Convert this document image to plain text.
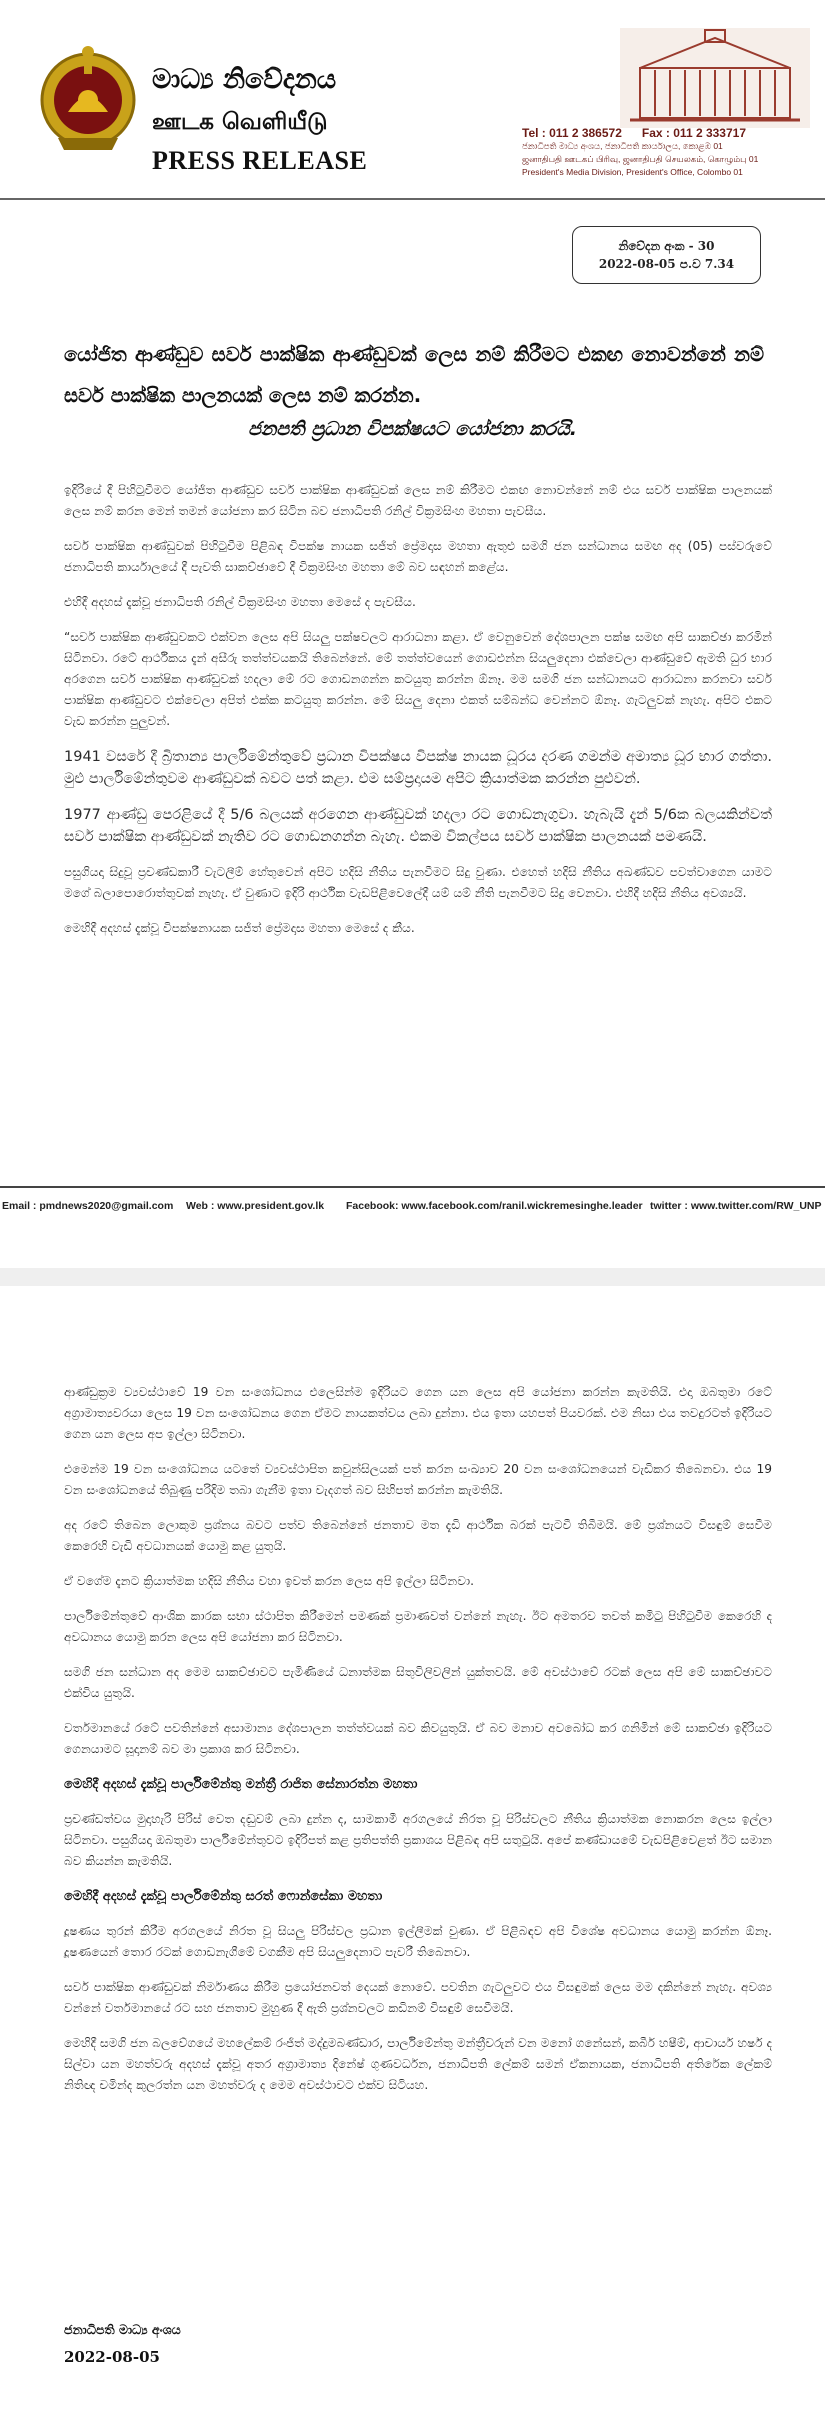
මාධ්‍ය නිවේදනය
ஊடக வெளியீடு
PRESS RELEASE
Tel : 011 2 386572 Fax : 011 2 333717
ජනාධිපති මාධ්‍ය අංශය, ජනාධිපති කාර්යාලය, කොළඹ 01
ஜனாதிபதி ஊடகப் பிரிவு, ஜனாதிபதி செயலகம், கொழும்பு 01
President's Media Division, President's Office, Colombo 01
නිවේදන අංක - 30
2022-08-05 ප.ව 7.34
යෝජිත ආණ්ඩුව සර්ව පාක්ෂික ආණ්ඩුවක් ලෙස නම් කිරීමට එකඟ නොවන්නේ නම් සර්ව පාක්ෂික පාලනයක් ලෙස නම් කරන්න.
ජනපති ප්‍රධාන විපක්ෂයට යෝජනා කරයි.

ඉදිරියේ දී පිහිටුවීමට යෝජිත ආණ්ඩුව සර්ව පාක්ෂික ආණ්ඩුවක් ලෙස නම් කිරීමට එකඟ නොවන්නේ නම් එය සර්ව පාක්ෂික පාලනයක් ලෙස නම් කරන මෙන් තමන් යෝජනා කර සිටින බව ජනාධිපති රනිල් වික්‍රමසිංහ මහතා පැවසීය.

සර්ව පාක්ෂික ආණ්ඩුවක් පිහිටුවීම පිළිබඳ විපක්ෂ නායක සජිත් ප්‍රේමදාස මහතා ඇතුළු සමගි ජන සන්ධානය සමඟ අද (05) පස්වරුවේ ජනාධිපති කාර්යාලයේ දී පැවති සාකච්ඡාවේ දී වික්‍රමසිංහ මහතා මේ බව සඳහන් කළේය.

එහිදී අදහස් දැක්වූ ජනාධිපති රනිල් වික්‍රමසිංහ මහතා මෙසේ ද පැවසීය.

“සර්ව පාක්ෂික ආණ්ඩුවකට එක්වන ලෙස අපි සියලු පක්ෂවලට ආරාධනා කළා. ඒ වෙනුවෙන් දේශපාලන පක්ෂ සමඟ අපි සාකච්ඡා කරමින් සිටිනවා. රටේ ආර්ථිකය දැන් අසීරු තත්ත්වයකයි තිබෙන්නේ. මේ තත්ත්වයෙන් ගොඩඑන්න සියලුදෙනා එක්වෙලා ආණ්ඩුවේ ඇමති ධුර භාර අරගෙන සර්ව පාක්ෂික ආණ්ඩුවක් හදලා මේ රට ගොඩනගන්න කටයුතු කරන්න ඕනෑ. මම සමගි ජන සන්ධානයට ආරාධනා කරනවා සර්ව පාක්ෂික ආණ්ඩුවට එක්වෙලා අපිත් එක්ක කටයුතු කරන්න. මේ සියලු දෙනා එකත් සම්බන්ධ වෙන්නට ඕනෑ. ගැටලුවක් නැහැ. අපිට එකට වැඩ කරන්න පුලුවන්.

1941 වසරේ දී බ්‍රිතාන්‍ය පාර්ලිමේන්තුවේ ප්‍රධාන විපක්ෂය විපක්ෂ නායක ධූරය දරණ ගමන්ම අමාත්‍ය ධූර භාර ගත්තා. මුළු පාර්ලිමේන්තුවම ආණ්ඩුවක් බවට පත් කළා. එම සම්ප්‍රදායම අපිට ක්‍රියාත්මක කරන්න පුළුවන්.

1977 ආණ්ඩු පෙරළියේ දී 5/6 බලයක් අරගෙන ආණ්ඩුවක් හදලා රට ගොඩනැගුවා. හැබැයි දැන් 5/6ක බලයකින්වත් සර්ව පාක්ෂික ආණ්ඩුවක් නැතිව රට ගොඩනගන්න බැහැ. එකම විකල්පය සර්ව පාක්ෂික පාලනයක් පමණයි.

පසුගියදා සිදුවූ ප්‍රචණ්ඩකාරී වැටලීම් හේතුවෙන් අපිට හදිසි නීතිය පැනවීමට සිදු වුණා. එහෙත් හදිසි නීතිය අඛණ්ඩව පවත්වාගෙන යාමට මගේ බලාපොරොත්තුවක් නැහැ. ඒ වුණාට ඉදිරි ආර්ථික වැඩපිළිවෙලේදී යම් යම් නීති පැනවීමට සිදු වෙනවා. එහිදී හදිසි නීතිය අවශ්‍යයි.

මෙහිදී අදහස් දැක්වූ විපක්ෂනායක සජිත් ප්‍රේමදාස මහතා මෙසේ ද කීය.

Email : pmdnews2020@gmail.com Web : www.president.gov.lk Facebook: www.facebook.com/ranil.wickremesinghe.leader twitter : www.twitter.com/RW_UNP

ආණ්ඩුක්‍රම ව්‍යවස්ථාවේ 19 වන සංශෝධනය එලෙසින්ම ඉදිරියට ගෙන යන ලෙස අපි යෝජනා කරන්න කැමතියි. එදා ඔබතුමා රටේ අග්‍රාමාත්‍යවරයා ලෙස 19 වන සංශෝධනය ගෙන ඒමට නායකත්වය ලබා දුන්නා. එය ඉතා යහපත් පියවරක්. එම නිසා එය තවදුරටත් ඉදිරියට ගෙන යන ලෙස අප ඉල්ලා සිටිනවා.

එමෙන්ම 19 වන සංශෝධනය යටතේ ව්‍යවස්ථාපිත කවුන්සිලයක් පත් කරන සංඛ්‍යාව 20 වන සංශෝධනයෙන් වැඩිකර තිබෙනවා. එය 19 වන සංශෝධනයේ තිබුණු පරිදිම තබා ගැනීම ඉතා වැදගත් බව සිහිපත් කරන්න කැමතියි.

අද රටේ තිබෙන ලොකුම ප්‍රශ්නය බවට පත්ව තිබෙන්නේ ජනතාව මත දැඩි ආර්ථික බරක් පැටවී තිබීමයි. මේ ප්‍රශ්නයට විසඳුම් සෙවීම කෙරෙහි වැඩි අවධානයක් යොමු කළ යුතුයි.

ඒ වගේම දැනට ක්‍රියාත්මක හදිසි නීතිය වහා ඉවත් කරන ලෙස අපි ඉල්ලා සිටිනවා.

පාර්ලිමේන්තුවේ ආංශික කාරක සභා ස්ථාපිත කිරීමෙන් පමණක් ප්‍රමාණවත් වන්නේ නැහැ. ඊට අමතරව තවත් කමිටු පිහිටුවීම කෙරෙහි ද අවධානය යොමු කරන ලෙස අපි යෝජනා කර සිටිනවා.

සමගි ජන සන්ධාන අද මෙම සාකච්ඡාවට පැමිණියේ ධනාත්මක සිතුවිලිවලින් යුක්තවයි. මේ අවස්ථාවේ රටක් ලෙස අපි මේ සාකච්ඡාවට එක්විය යුතුයි.

වර්තමානයේ රටේ පවතින්නේ අසාමාන්‍ය දේශපාලන තත්ත්වයක් බව කිවයුතුයි. ඒ බව මනාව අවබෝධ කර ගනිමින් මේ සාකච්ඡා ඉදිරියට ගෙනයාමට සූදානම් බව මා ප්‍රකාශ කර සිටිනවා.

මෙහිදී අදහස් දැක්වූ පාර්ලිමේන්තු මන්ත්‍රී රාජිත සේනාරත්න මහතා

ප්‍රචණ්ඩත්වය මුදාහැරි පිරිස් වෙත දඬුවම් ලබා දුන්න ද, සාමකාමී අරගලයේ නිරත වූ පිරිස්වලට නීතිය ක්‍රියාත්මක නොකරන ලෙස ඉල්ලා සිටිනවා. පසුගියදා ඔබතුමා පාර්ලිමේන්තුවට ඉදිරිපත් කළ ප්‍රතිපත්ති ප්‍රකාශය පිළිබඳ අපි සතුටුයි. අපේ කණ්ඩායමේ වැඩපිළිවෙළත් ඊට සමාන බව කියන්න කැමතියි.

මෙහිදී අදහස් දැක්වූ පාර්ලිමේන්තු සරත් ෆොන්සේකා මහතා

දූෂණය තුරන් කිරීම අරගලයේ නිරත වූ සියලු පිරිස්වල ප්‍රධාන ඉල්ලීමක් වුණා. ඒ පිළිබඳව අපි විශේෂ අවධානය යොමු කරන්න ඕනෑ. දූෂණයෙන් තොර රටක් ගොඩනැගීමේ වගකීම අපි සියලුදෙනාට පැවරී තිබෙනවා.

සර්ව පාක්ෂික ආණ්ඩුවක් නිර්මාණය කිරීම ප්‍රයෝජනවත් දෙයක් නොවේ. පවතින ගැටලුවට එය විසඳුමක් ලෙස මම දකින්නේ නැහැ. අවශ්‍ය වන්නේ වර්තමානයේ රට සහ ජනතාව මුහුණ දී ඇති ප්‍රශ්නවලට කඩිනම් විසඳුම් සෙවීමයි.

මෙහිදී සමගි ජන බලවේගයේ මහලේකම් රංජිත් මද්දුමබණ්ඩාර, පාර්ලිමේන්තු මන්ත්‍රීවරුන් වන මනෝ ගනේසන්, කබීර් හෂීම්, ආචාර්ය හර්ෂ ද සිල්වා යන මහත්වරු අදහස් දැක්වූ අතර අග්‍රාමාත්‍ය දිනේෂ් ගුණවර්ධන, ජනාධිපති ලේකම් සමන් ඒකනායක, ජනාධිපති අතිරේක ලේකම් නිතිඥ චමින්ද කුලරත්න යන මහත්වරු ද මෙම අවස්ථාවට එක්ව සිටියහ.

ජනාධිපති මාධ්‍ය අංශය
2022-08-05
